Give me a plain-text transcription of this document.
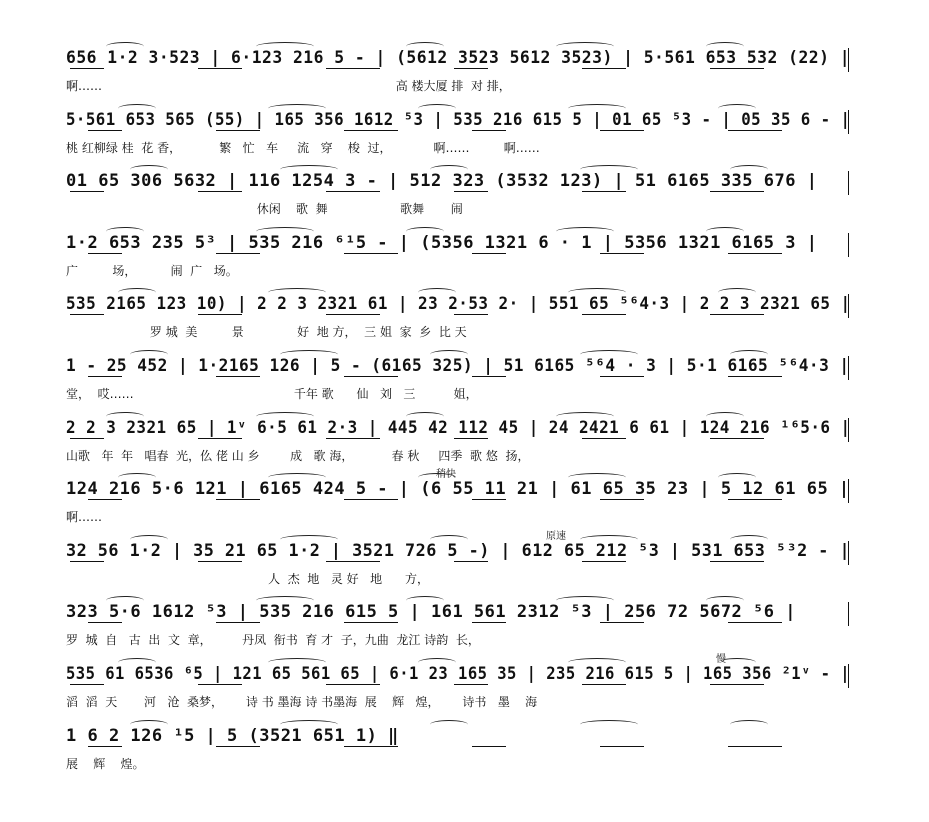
656 1·2 3·523 | 6·123 216 5 - | (5612 3523 5612 3523) | 5·561 653 532 (22) |
啊……                                                                             高 楼大厦 排  对 排，
5·561 653 565 (55) | 165 356 1612 ⁵3 | 535 216 615 5 | 01 65 ⁵3 - | 05 35 6 - |
桃 红柳绿 桂  花 香，          繁   忙   车     流   穿    梭  过，           啊……         啊……
01 65 306 5632 | 116 1254 3 - | 512 323 (3532 123) | 51 6165 335 676 |
休闲    歌  舞                   歌舞       闹
1·2 653 235 5³ | 535 216 ⁶¹5 - | (5356 1321 6 · 1 | 5356 1321 6165 3 |
广         场，         闹  广   场。
535 2165 123 10) | 2 2 3 2321 61 | 23 2·53 2· | 551 65 ⁵⁶4·3 | 2 2 3 2321 65 |
罗 城  美         景              好  地 方，  三 姐  家  乡  比 天
1 - 25 452 | 1·2165 126 | 5 - (6165 325) | 51 6165 ⁵⁶4 · 3 | 5·1 6165 ⁵⁶4·3 |
堂，  哎……                                          千年 歌      仙   刘   三          姐，
2 2 3 2321 65 | 1ᵛ 6·5 61 2·3 | 445 42 112 45 | 24 2421 6 61 | 124 216 ¹⁶5·6 |
山歌   年  年   唱春  光，仫 佬 山 乡        成   歌 海，          春 秋     四季  歌 悠  扬，
124 216 5·6 121 | 6165 424 5 - | (6 55 11 21 | 61 65 35 23 | 5 12 61 65 |
啊……
稍快
32 56 1·2 | 35 21 65 1·2 | 3521 726 5 -) | 612 65 212 ⁵3 | 531 653 ⁵³2 - |
人  杰  地   灵 好   地      方，
原速
323 5·6 1612 ⁵3 | 535 216 615 5 | 161 561 2312 ⁵3 | 256 72 5672 ⁵6 |
罗  城  自   古  出  文  章，        丹凤  衔书  育 才  子，九曲  龙江 诗韵  长，
535 61 6536 ⁶5 | 121 65 561 65 | 6·1 23 165 35 | 235 216 615 5 | 165 356 ²1ᵛ - |
滔  滔  天       河   沧  桑梦，      诗 书 墨海 诗 书墨海  展    辉   煌，      诗书   墨    海
慢
1 6 2 126 ¹5 | 5 (3521 651 1) ‖
展    辉    煌。
